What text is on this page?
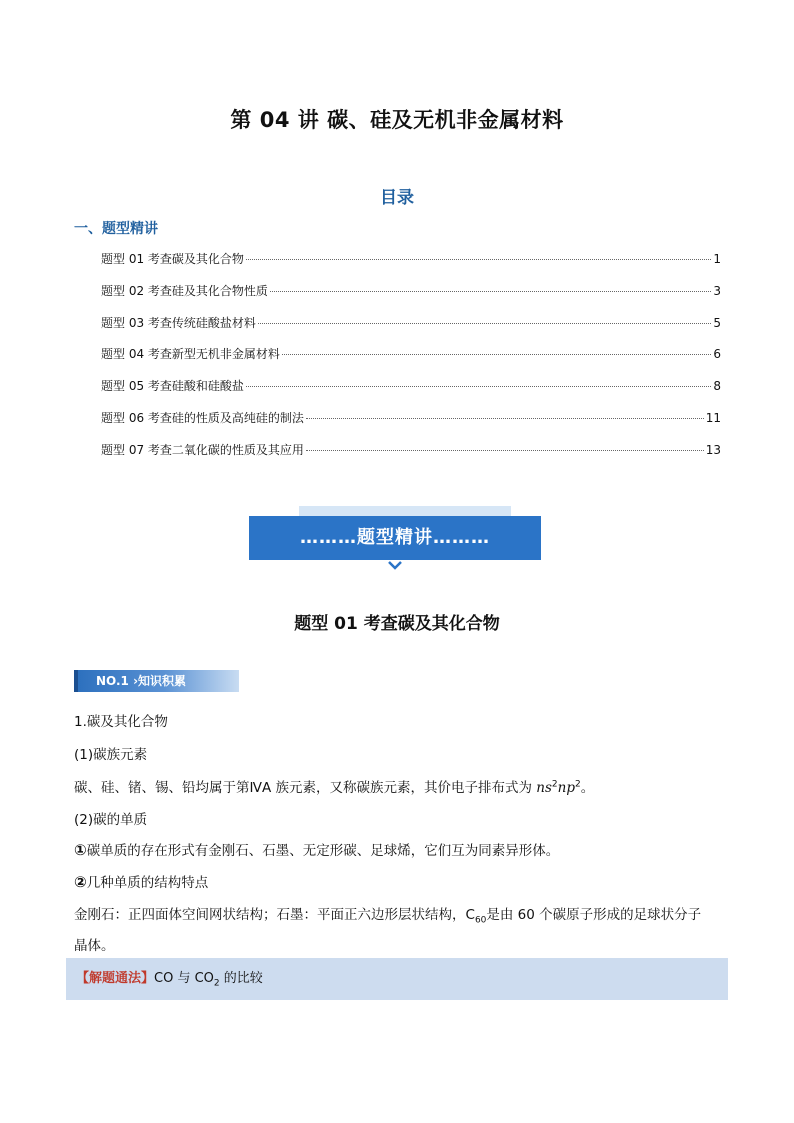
第 04 讲 碳、硅及无机非金属材料
目录
一、题型精讲
题型 01 考查碳及其化合物	1
题型 02 考查硅及其化合物性质	3
题型 03 考查传统硅酸盐材料	5
题型 04 考查新型无机非金属材料	6
题型 05 考查硅酸和硅酸盐	8
题型 06 考查硅的性质及高纯硅的制法	11
题型 07 考查二氧化碳的性质及其应用	13
………题型精讲………
题型 01 考查碳及其化合物
NO.1 ›知识积累
1.碳及其化合物
(1)碳族元素
碳、硅、锗、锡、铅均属于第ⅣA 族元素，又称碳族元素，其价电子排布式为 $ns^2np^2$。
(2)碳的单质
①碳单质的存在形式有金刚石、石墨、无定形碳、足球烯，它们互为同素异形体。
②几种单质的结构特点
金刚石：正四面体空间网状结构；石墨：平面正六边形层状结构，$C_{60}$是由 60 个碳原子形成的足球状分子
晶体。
【解题通法】CO 与 $CO_2$ 的比较
